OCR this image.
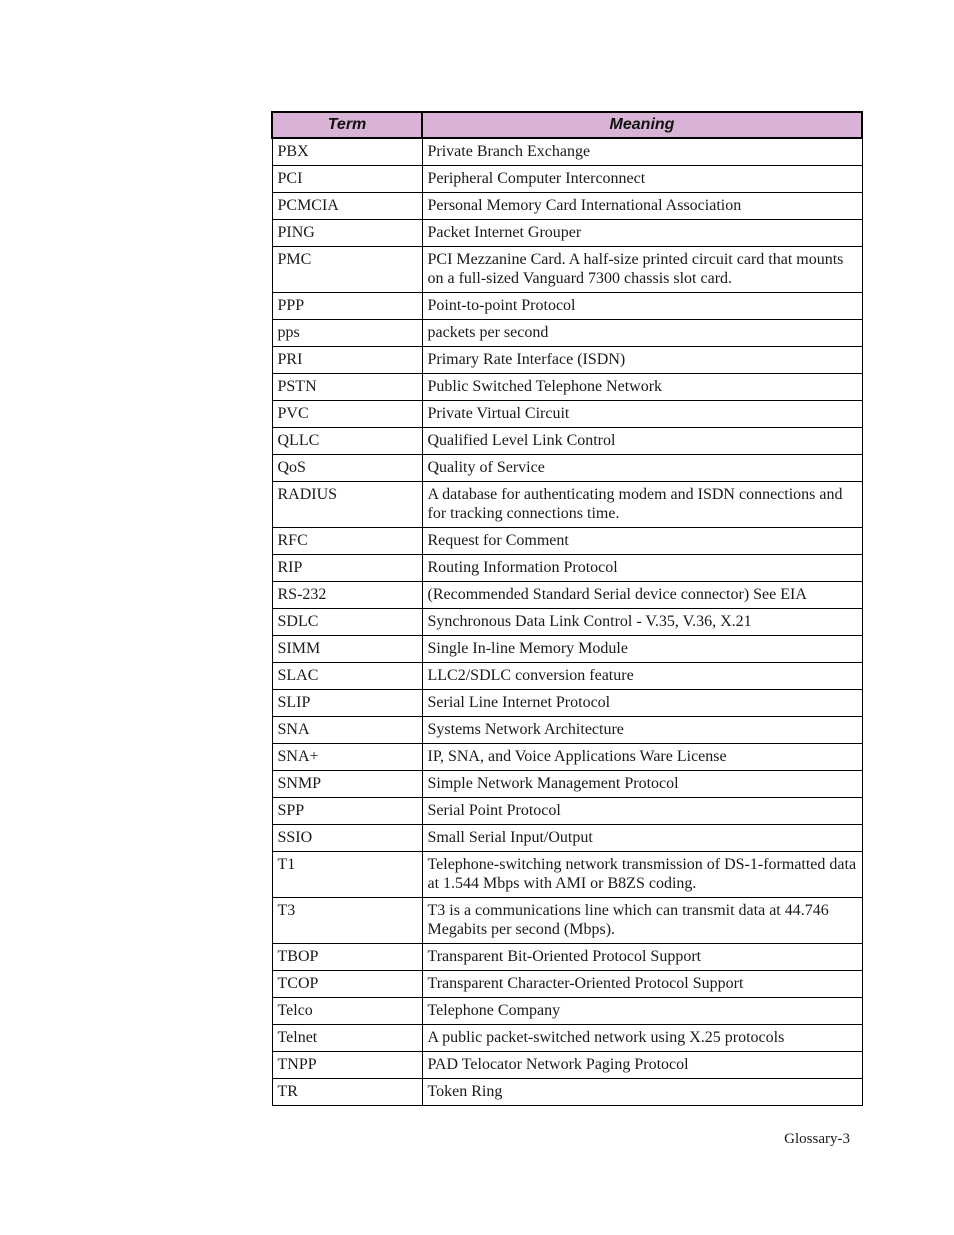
Term	Meaning
PBX	Private Branch Exchange
PCI	Peripheral Computer Interconnect
PCMCIA	Personal Memory Card International Association
PING	Packet Internet Grouper
PMC	PCI Mezzanine Card. A half-size printed circuit card that mounts on a full-sized Vanguard 7300 chassis slot card.
PPP	Point-to-point Protocol
pps	packets per second
PRI	Primary Rate Interface (ISDN)
PSTN	Public Switched Telephone Network
PVC	Private Virtual Circuit
QLLC	Qualified Level Link Control
QoS	Quality of Service
RADIUS	A database for authenticating modem and ISDN connections and for tracking connections time.
RFC	Request for Comment
RIP	Routing Information Protocol
RS-232	(Recommended Standard Serial device connector) See EIA
SDLC	Synchronous Data Link Control - V.35, V.36, X.21
SIMM	Single In-line Memory Module
SLAC	LLC2/SDLC conversion feature
SLIP	Serial Line Internet Protocol
SNA	Systems Network Architecture
SNA+	IP, SNA, and Voice Applications Ware License
SNMP	Simple Network Management Protocol
SPP	Serial Point Protocol
SSIO	Small Serial Input/Output
T1	Telephone-switching network transmission of DS-1-formatted data at 1.544 Mbps with AMI or B8ZS coding.
T3	T3 is a communications line which can transmit data at 44.746 Megabits per second (Mbps).
TBOP	Transparent Bit-Oriented Protocol Support
TCOP	Transparent Character-Oriented Protocol Support
Telco	Telephone Company
Telnet	A public packet-switched network using X.25 protocols
TNPP	PAD Telocator Network Paging Protocol
TR	Token Ring
Glossary-3
